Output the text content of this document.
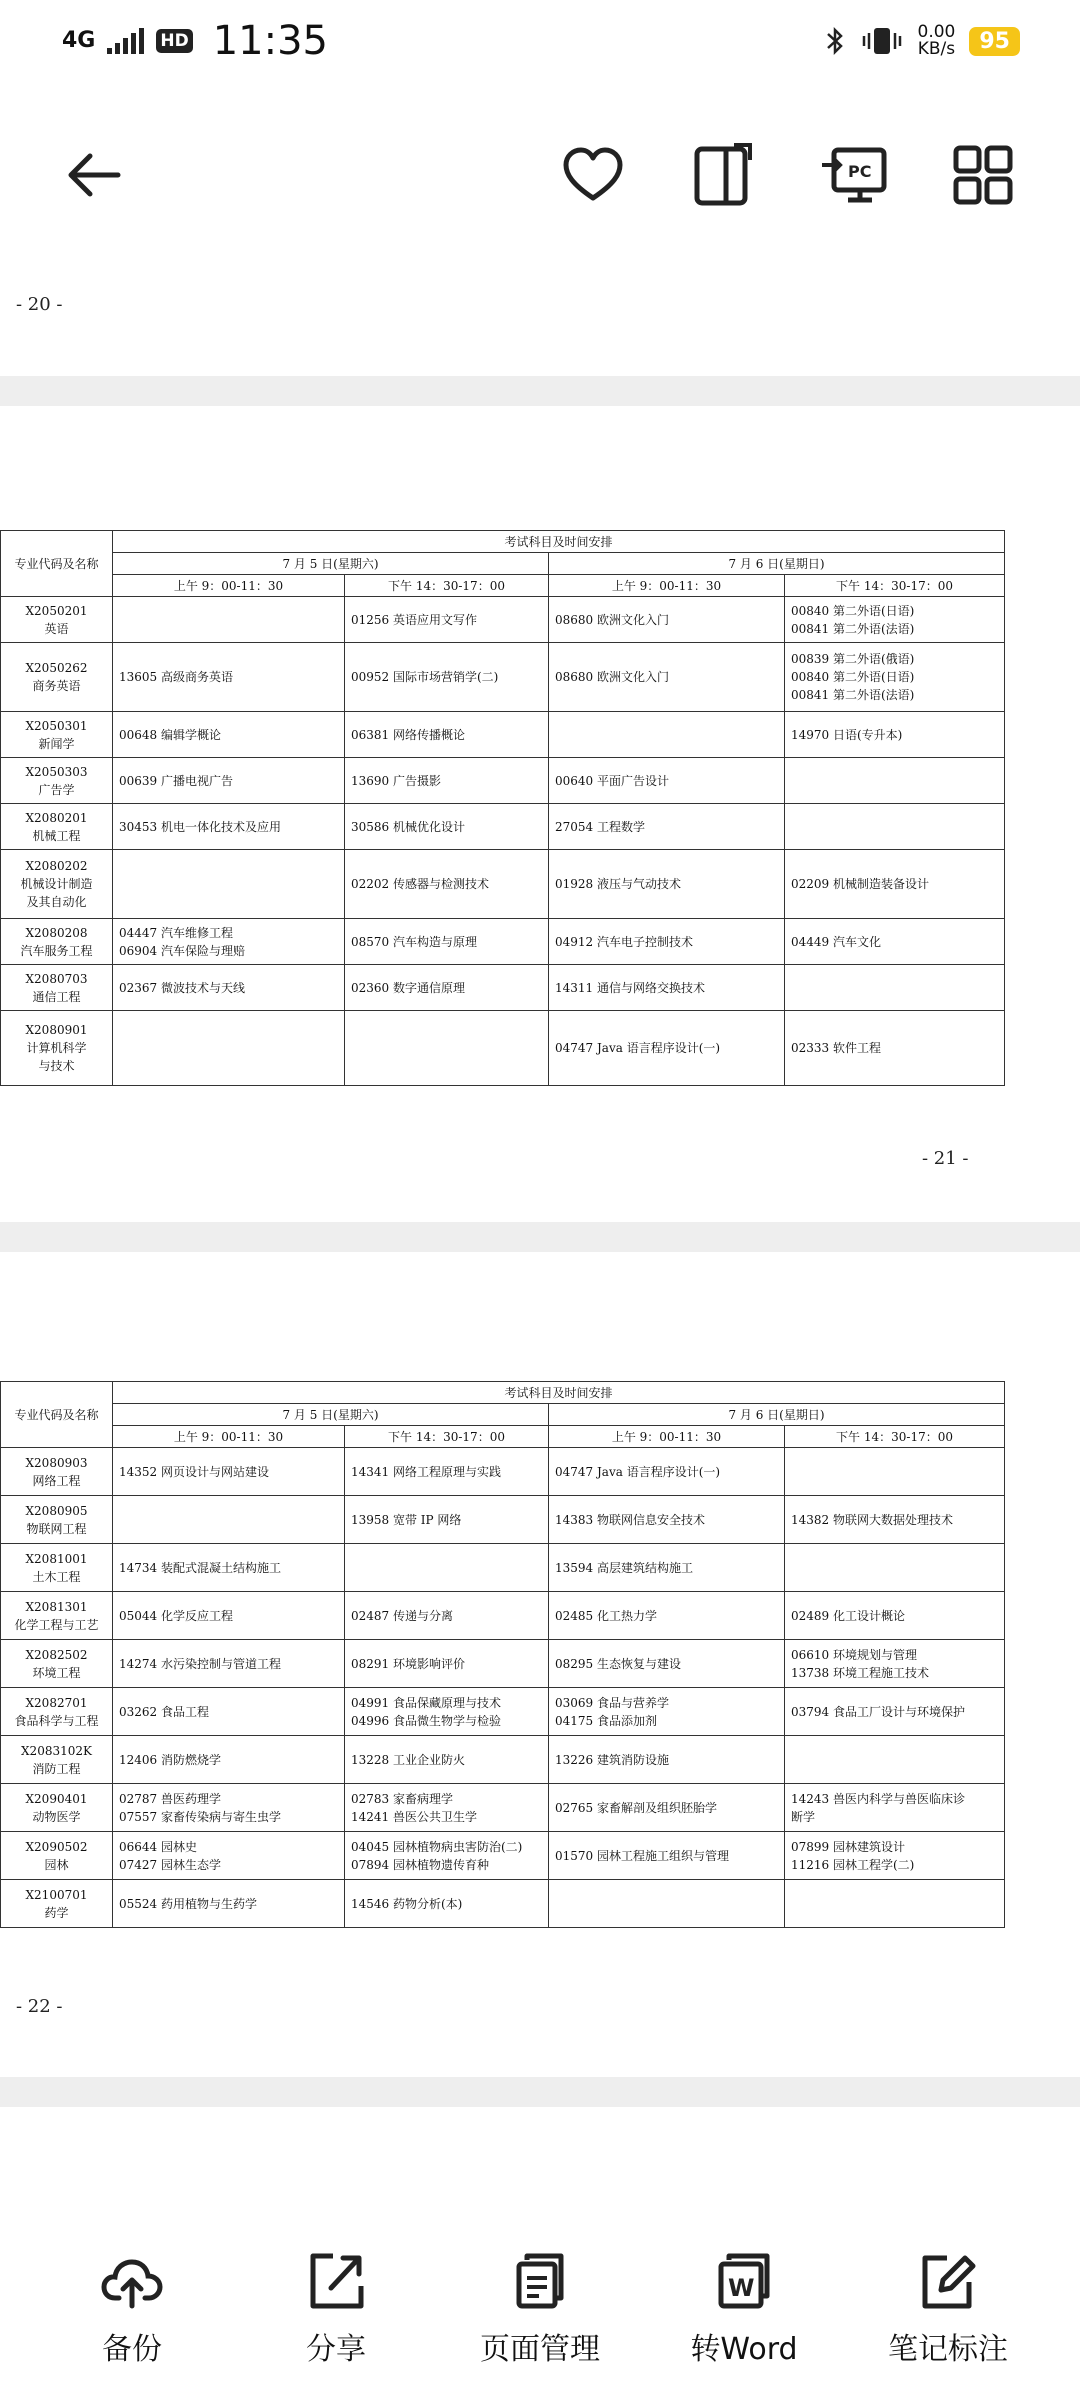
4G	HD 11:35	0.00
KB/s	95
PC
- 20 -
专业代码及名称	考试科目及时间安排			
	7 月 5 日(星期六)		7 月 6 日(星期日)	
	上午 9：00-11：30	下午 14：30-17：00	上午 9：00-11：30	下午 14：30-17：00
X2050201
英语		01256 英语应用文写作	08680 欧洲文化入门	00840 第二外语(日语)
00841 第二外语(法语)
X2050262
商务英语	13605 高级商务英语	00952 国际市场营销学(二)	08680 欧洲文化入门	00839 第二外语(俄语)
00840 第二外语(日语)
00841 第二外语(法语)
X2050301
新闻学	00648 编辑学概论	06381 网络传播概论		14970 日语(专升本)
X2050303
广告学	00639 广播电视广告	13690 广告摄影	00640 平面广告设计	
X2080201
机械工程	30453 机电一体化技术及应用	30586 机械优化设计	27054 工程数学	
X2080202
机械设计制造
及其自动化		02202 传感器与检测技术	01928 液压与气动技术	02209 机械制造装备设计
X2080208
汽车服务工程	04447 汽车维修工程
06904 汽车保险与理赔	08570 汽车构造与原理	04912 汽车电子控制技术	04449 汽车文化
X2080703
通信工程	02367 微波技术与天线	02360 数字通信原理	14311 通信与网络交换技术	
X2080901
计算机科学
与技术			04747 Java 语言程序设计(一)	02333 软件工程
- 21 -
专业代码及名称	考试科目及时间安排			
	7 月 5 日(星期六)		7 月 6 日(星期日)	
	上午 9：00-11：30	下午 14：30-17：00	上午 9：00-11：30	下午 14：30-17：00
X2080903
网络工程	14352 网页设计与网站建设	14341 网络工程原理与实践	04747 Java 语言程序设计(一)	
X2080905
物联网工程		13958 宽带 IP 网络	14383 物联网信息安全技术	14382 物联网大数据处理技术
X2081001
土木工程	14734 装配式混凝土结构施工		13594 高层建筑结构施工	
X2081301
化学工程与工艺	05044 化学反应工程	02487 传递与分离	02485 化工热力学	02489 化工设计概论
X2082502
环境工程	14274 水污染控制与管道工程	08291 环境影响评价	08295 生态恢复与建设	06610 环境规划与管理
13738 环境工程施工技术
X2082701
食品科学与工程	03262 食品工程	04991 食品保藏原理与技术
04996 食品微生物学与检验	03069 食品与营养学
04175 食品添加剂	03794 食品工厂设计与环境保护
X2083102K
消防工程	12406 消防燃烧学	13228 工业企业防火	13226 建筑消防设施	
X2090401
动物医学	02787 兽医药理学
07557 家畜传染病与寄生虫学	02783 家畜病理学
14241 兽医公共卫生学	02765 家畜解剖及组织胚胎学	14243 兽医内科学与兽医临床诊
断学
X2090502
园林	06644 园林史
07427 园林生态学	04045 园林植物病虫害防治(二)
07894 园林植物遗传育种	01570 园林工程施工组织与管理	07899 园林建筑设计
11216 园林工程学(二)
X2100701
药学	05524 药用植物与生药学	14546 药物分析(本)		
- 22 -
备份	分享	页面管理
W
转Word	笔记标注
